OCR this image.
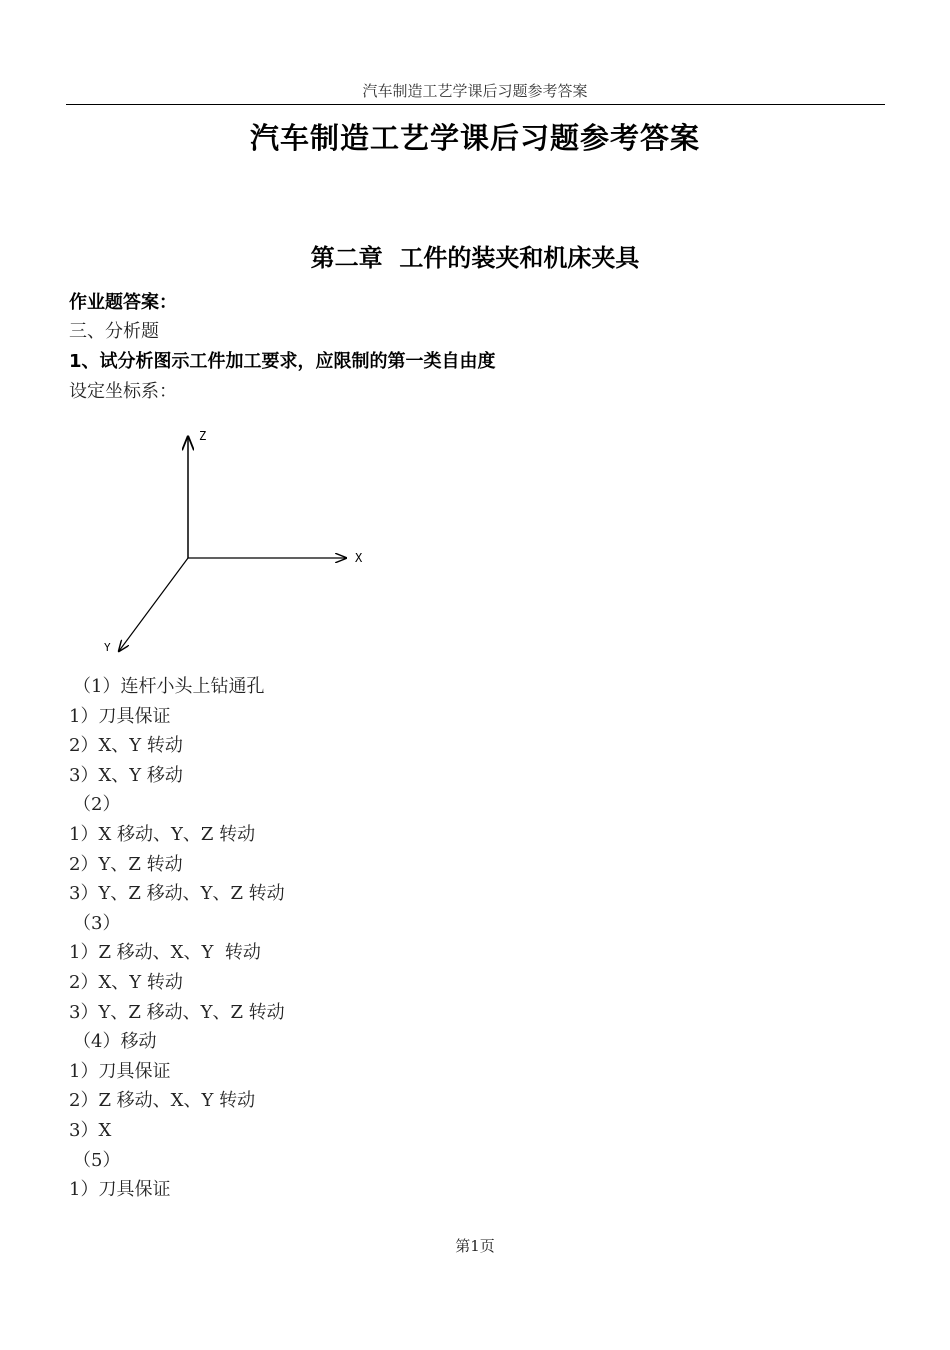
汽车制造工艺学课后习题参考答案
汽车制造工艺学课后习题参考答案
第二章  工件的装夹和机床夹具
作业题答案：
三、分析题
1、试分析图示工件加工要求，应限制的第一类自由度
设定坐标系：
Z
X
Y
（1）连杆小头上钻通孔
1）刀具保证
2）X、Y 转动
3）X、Y 移动
（2）
1）X 移动、Y、Z 转动
2）Y、Z 转动
3）Y、Z 移动、Y、Z 转动
（3）
1）Z 移动、X、Y  转动
2）X、Y 转动
3）Y、Z 移动、Y、Z 转动
（4）移动
1）刀具保证
2）Z 移动、X、Y 转动
3）X
（5）
1）刀具保证
第1页
